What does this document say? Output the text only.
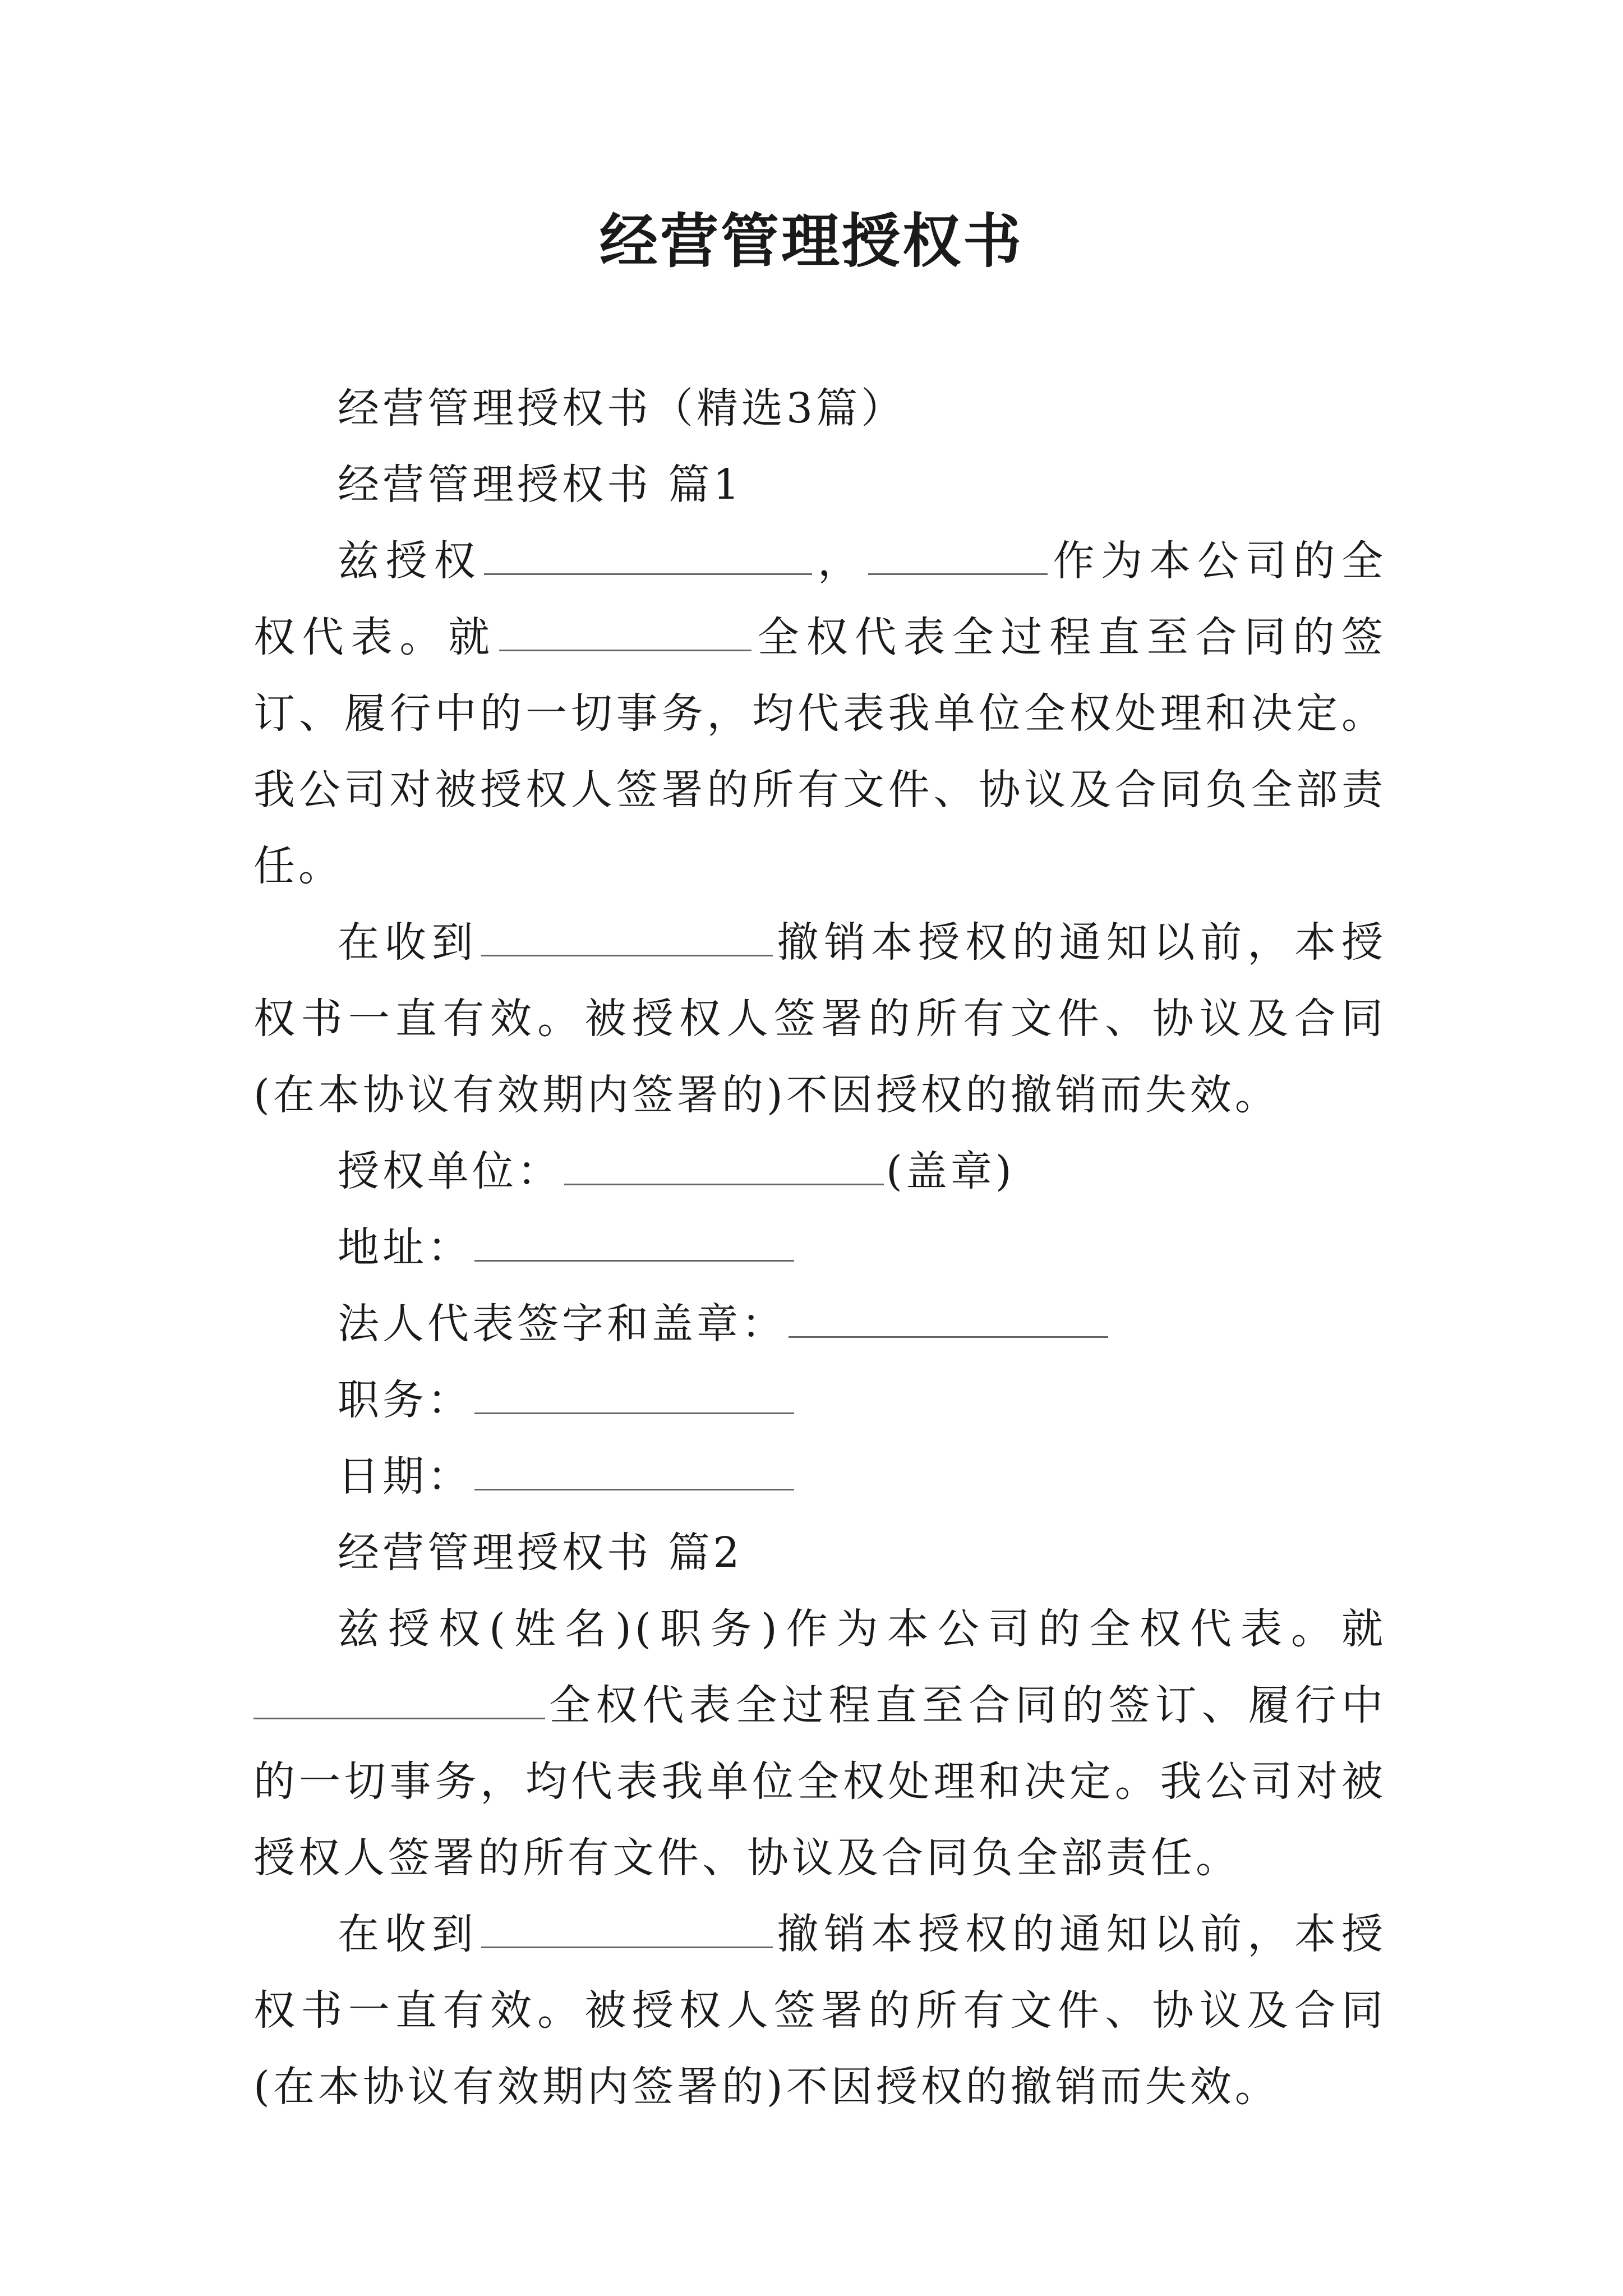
经营管理授权书

经营管理授权书（精选3篇）

经营管理授权书 篇1

兹授权	，	作为本公司的全权代表。就	全权代表全过程直至合同的签订、履行中的一切事务，均代表我单位全权处理和决定。我公司对被授权人签署的所有文件、协议及合同负全部责任。

在收到	撤销本授权的通知以前，本授权书一直有效。被授权人签署的所有文件、协议及合同(在本协议有效期内签署的)不因授权的撤销而失效。

授权单位：	(盖章)

地址：

法人代表签字和盖章：

职务：

日期：

经营管理授权书 篇2

兹授权(姓名)(职务)作为本公司的全权代表。就全权代表全过程直至合同的签订、履行中的一切事务，均代表我单位全权处理和决定。我公司对被授权人签署的所有文件、协议及合同负全部责任。

在收到	撤销本授权的通知以前，本授权书一直有效。被授权人签署的所有文件、协议及合同(在本协议有效期内签署的)不因授权的撤销而失效。
